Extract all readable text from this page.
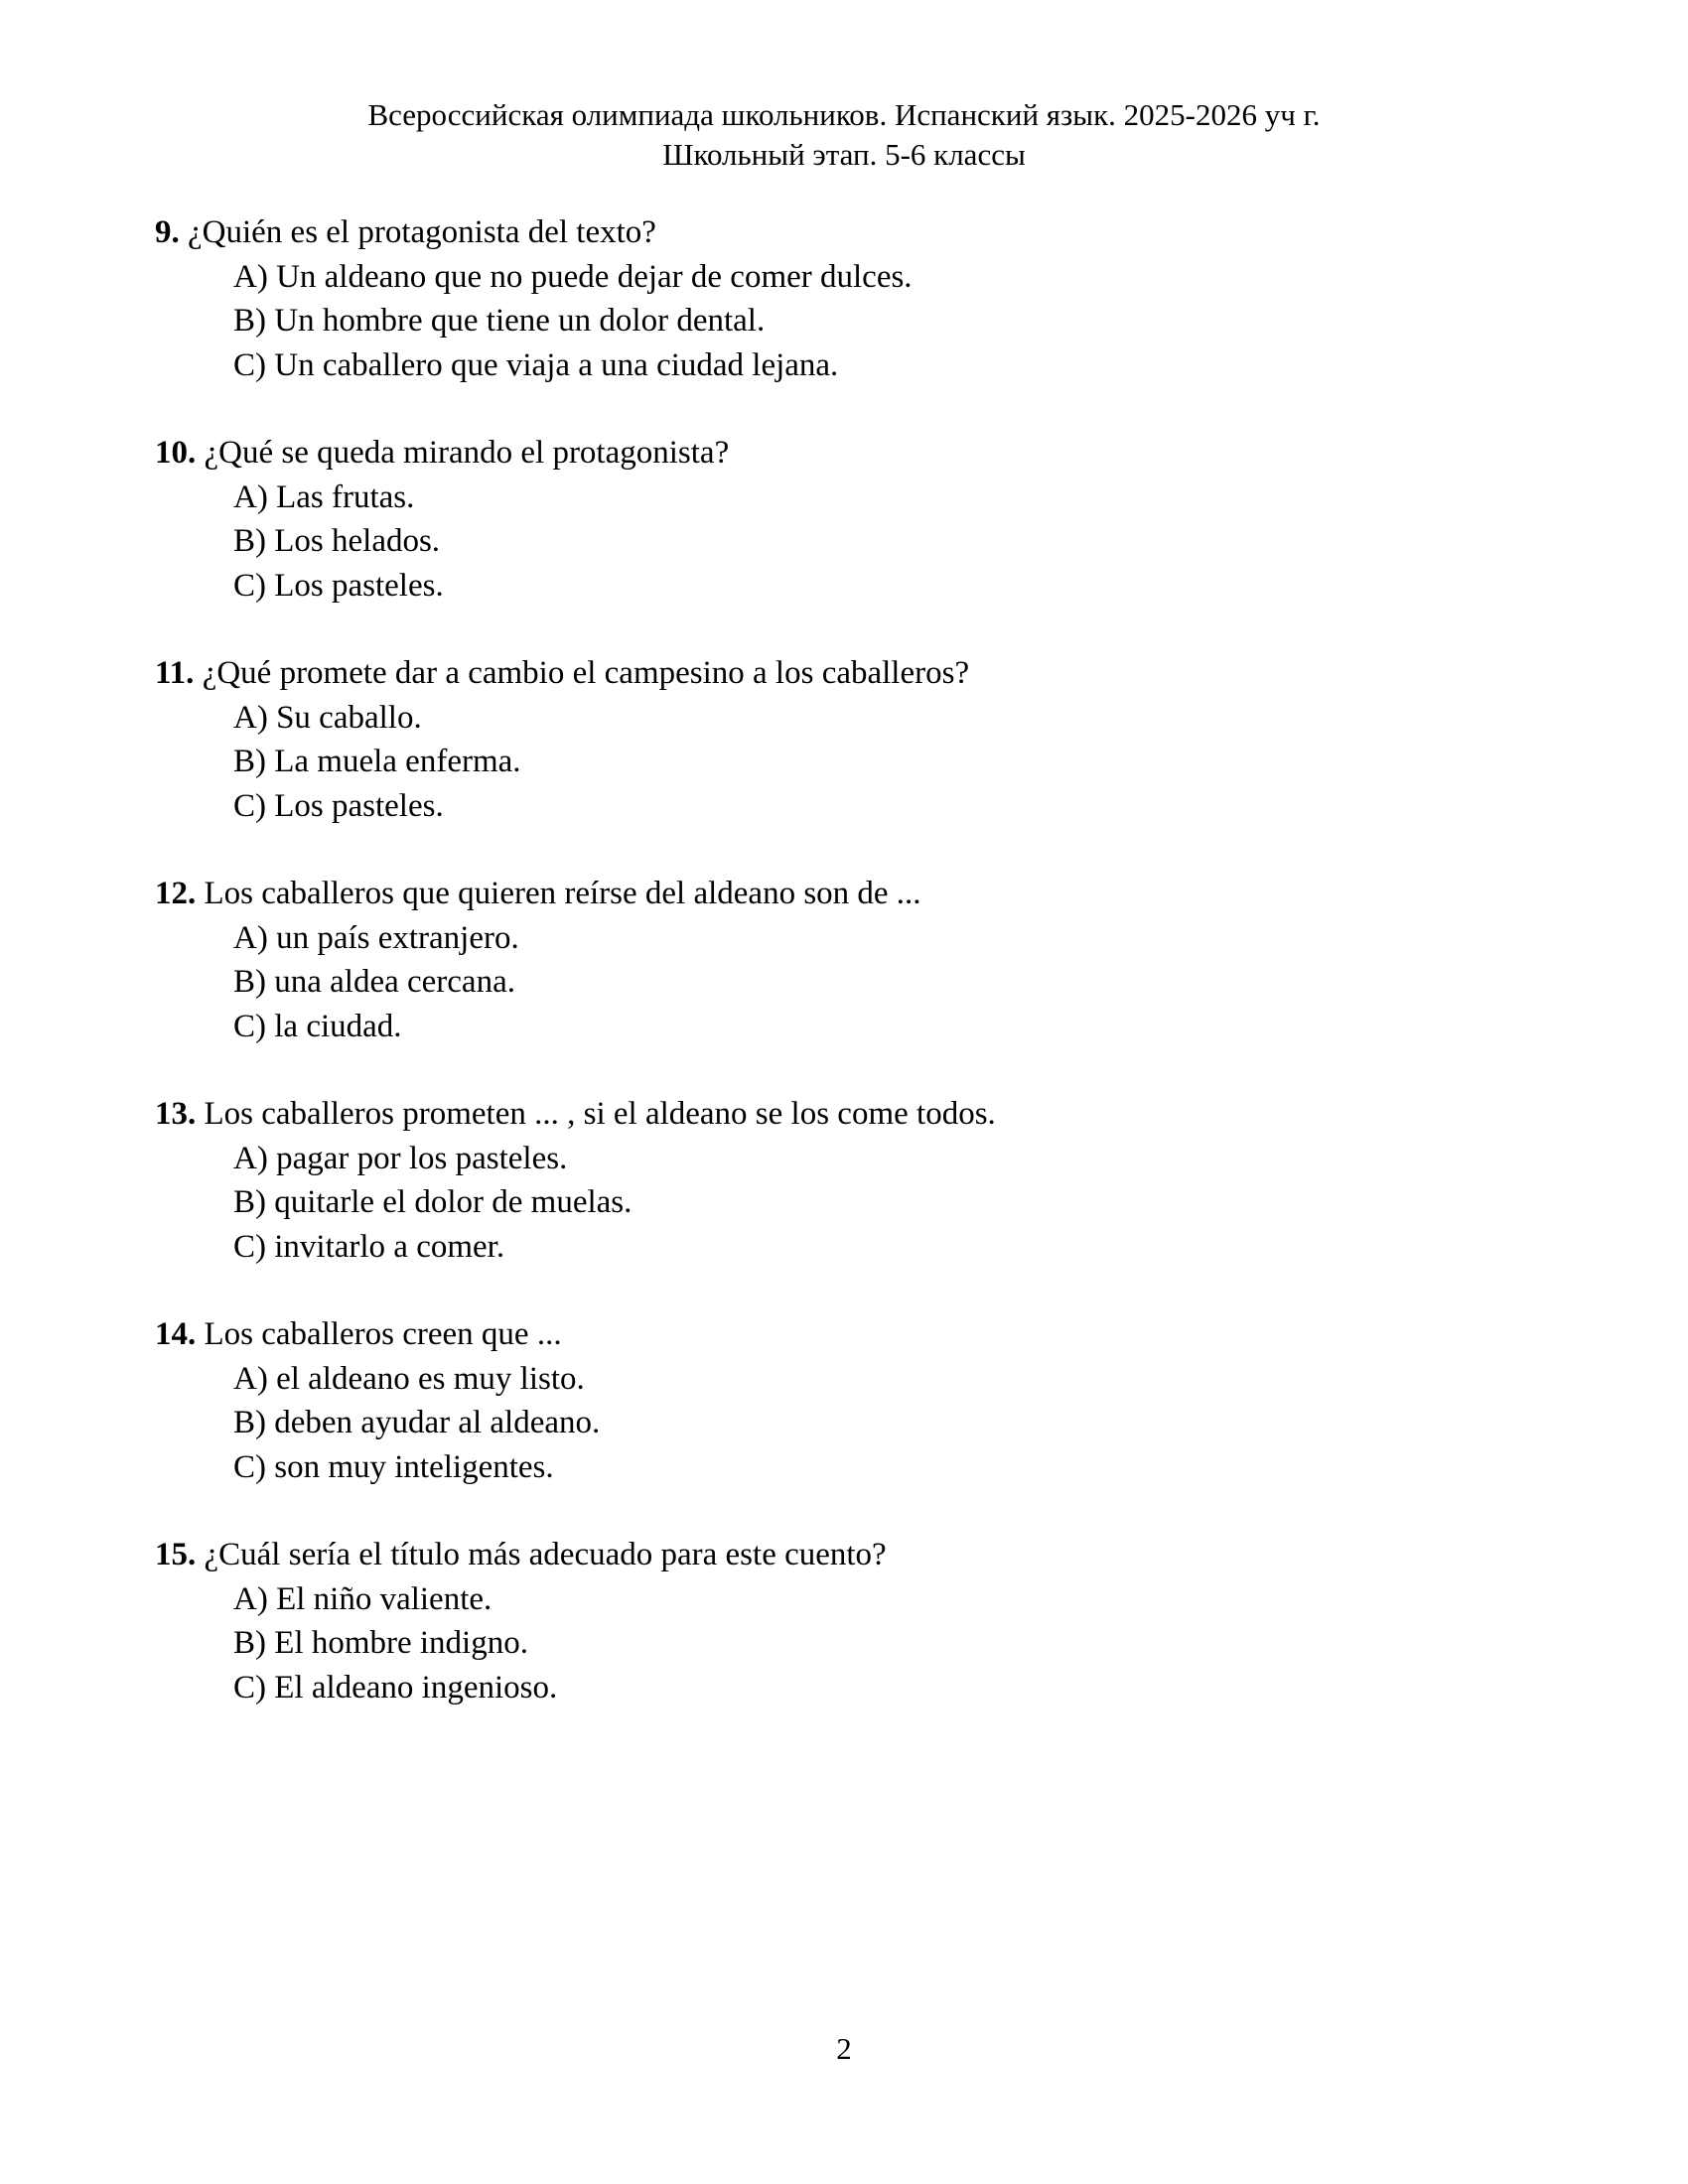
Всероссийская олимпиада школьников. Испанский язык. 2025-2026 уч г.
Школьный этап. 5-6 классы
9. ¿Quién es el protagonista del texto?
A) Un aldeano que no puede dejar de comer dulces.
B) Un hombre que tiene un dolor dental.
C) Un caballero que viaja a una ciudad lejana.
10. ¿Qué se queda mirando el protagonista?
A) Las frutas.
B) Los helados.
C) Los pasteles.
11. ¿Qué promete dar a cambio el campesino a los caballeros?
A) Su caballo.
B) La muela enferma.
C) Los pasteles.
12. Los caballeros que quieren reírse del aldeano son de ...
A) un país extranjero.
B) una aldea cercana.
C) la ciudad.
13. Los caballeros prometen ... , si el aldeano se los come todos.
A) pagar por los pasteles.
B) quitarle el dolor de muelas.
C) invitarlo a comer.
14. Los caballeros creen que ...
A) el aldeano es muy listo.
B) deben ayudar al aldeano.
C) son muy inteligentes.
15. ¿Cuál sería el título más adecuado para este cuento?
A) El niño valiente.
B) El hombre indigno.
C) El aldeano ingenioso.
2
